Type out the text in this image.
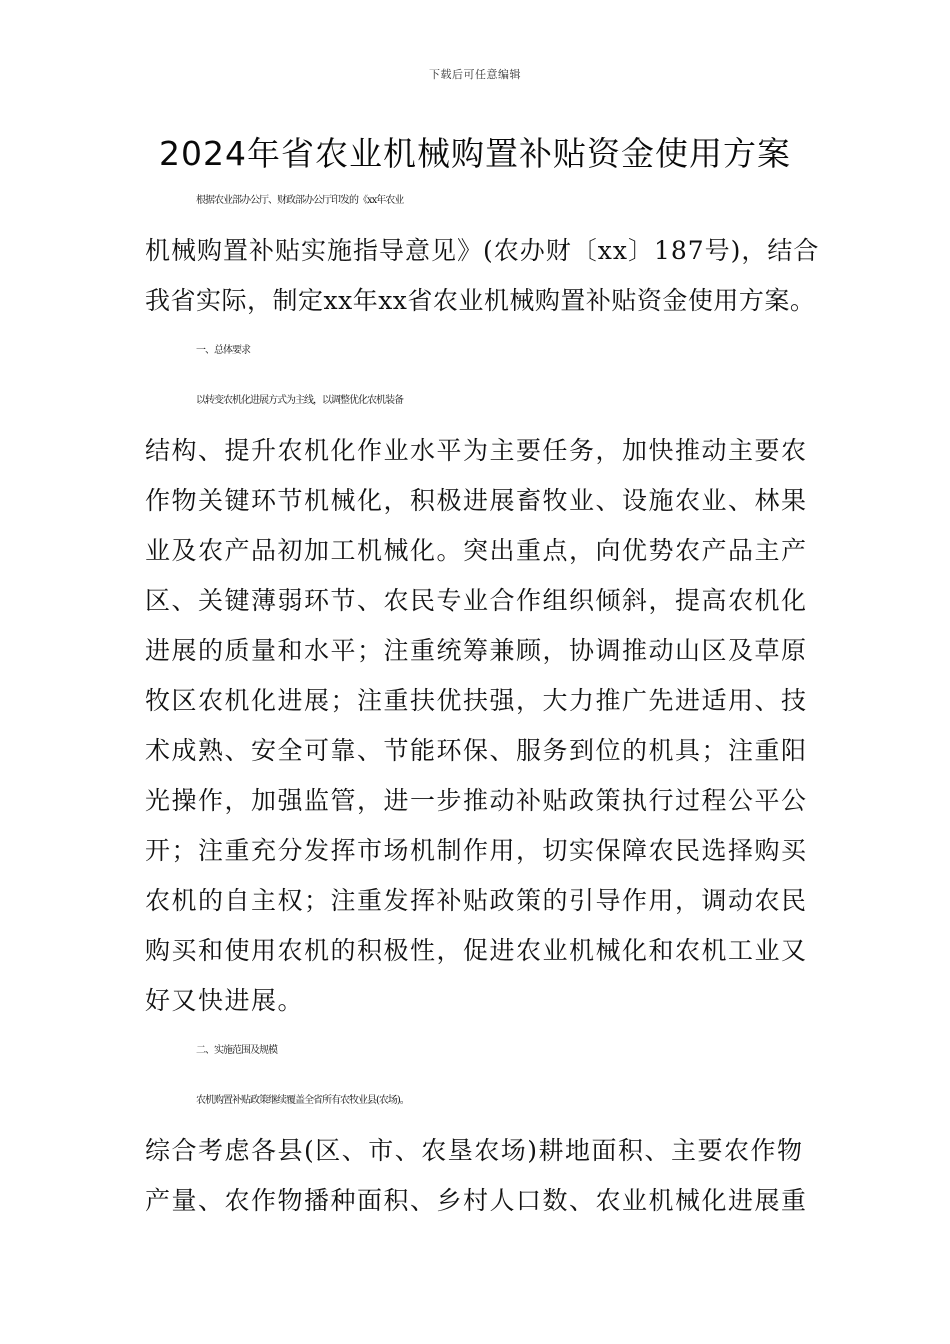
下载后可任意编辑
2024年省农业机械购置补贴资金使用方案
根据农业部办公厅、财政部办公厅印发的《xx年农业
机械购置补贴实施指导意见》(农办财〔xx〕187号)，结合
我省实际，制定xx年xx省农业机械购置补贴资金使用方案。
一、总体要求
以转变农机化进展方式为主线，以调整优化农机装备
结构、提升农机化作业水平为主要任务，加快推动主要农
作物关键环节机械化，积极进展畜牧业、设施农业、林果
业及农产品初加工机械化。突出重点，向优势农产品主产
区、关键薄弱环节、农民专业合作组织倾斜，提高农机化
进展的质量和水平；注重统筹兼顾，协调推动山区及草原
牧区农机化进展；注重扶优扶强，大力推广先进适用、技
术成熟、安全可靠、节能环保、服务到位的机具；注重阳
光操作，加强监管，进一步推动补贴政策执行过程公平公
开；注重充分发挥市场机制作用，切实保障农民选择购买
农机的自主权；注重发挥补贴政策的引导作用，调动农民
购买和使用农机的积极性，促进农业机械化和农机工业又
好又快进展。
二、实施范围及规模
农机购置补贴政策继续覆盖全省所有农牧业县(农场)。
综合考虑各县(区、市、农垦农场)耕地面积、主要农作物
产量、农作物播种面积、乡村人口数、农业机械化进展重
